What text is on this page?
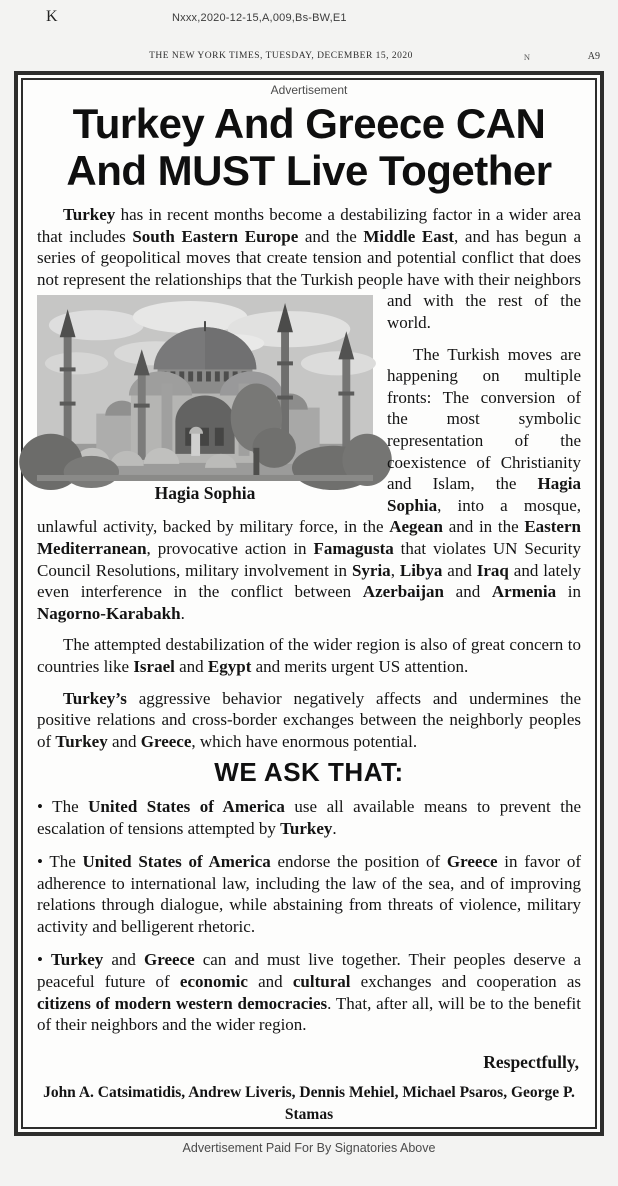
K	Nxxx,2020-12-15,A,009,Bs-BW,E1
THE NEW YORK TIMES, TUESDAY, DECEMBER 15, 2020	N	A9
Advertisement
Turkey And Greece CAN
And MUST Live Together

Turkey has in recent months become a destabilizing factor in a wider area that includes South Eastern Europe and the Middle East, and has begun a series of geopolitical moves that create tension and potential conflict that does not represent the relationships that the Turkish people have
Hagia Sophia
with their neighbors and with the rest of the world.

The Turkish moves are happening on multiple fronts: The conversion of the most symbolic representation of the coexistence of Christianity and Islam, the Hagia Sophia, into a mosque, unlawful activity, backed by military force, in the Aegean and in the Eastern Mediterranean, provocative action in Famagusta that violates UN Security Council Resolutions, military involvement in Syria, Libya and Iraq and lately even interference in the conflict between Azerbaijan and Armenia in Nagorno-Karabakh.

The attempted destabilization of the wider region is also of great concern to countries like Israel and Egypt and merits urgent US attention.

Turkey’s aggressive behavior negatively affects and undermines the positive relations and cross-border exchanges between the neighborly peoples of Turkey and Greece, which have enormous potential.

WE ASK THAT:

• The United States of America use all available means to prevent the escalation of tensions attempted by Turkey.

• The United States of America endorse the position of Greece in favor of adherence to international law, including the law of the sea, and of improving relations through dialogue, while abstaining from threats of violence, military activity and belligerent rhetoric.

• Turkey and Greece can and must live together. Their peoples deserve a peaceful future of economic and cultural exchanges and cooperation as citizens of modern western democracies. That, after all, will be to the benefit of their neighbors and the wider region.

Respectfully,

John A. Catsimatidis, Andrew Liveris, Dennis Mehiel, Michael Psaros, George P. Stamas

Advertisement Paid For By Signatories Above
